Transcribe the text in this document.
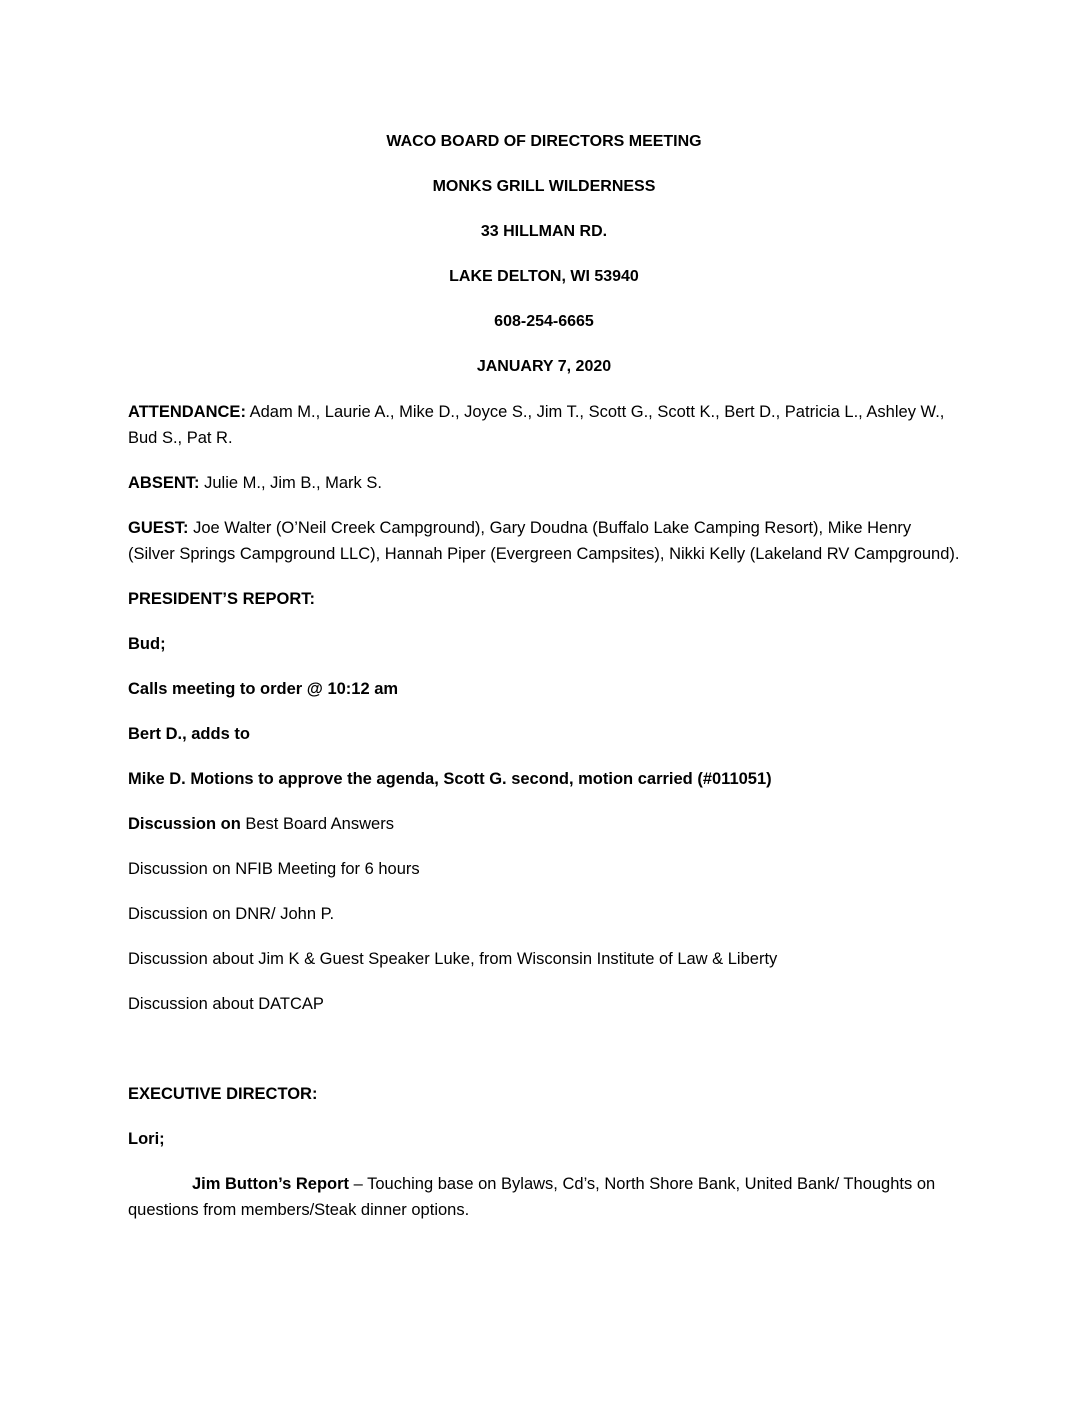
WACO BOARD OF DIRECTORS MEETING
MONKS GRILL WILDERNESS
33 HILLMAN RD.
LAKE DELTON, WI 53940
608-254-6665
JANUARY 7, 2020

ATTENDANCE: Adam M., Laurie A., Mike D., Joyce S., Jim T., Scott G., Scott K., Bert D., Patricia L., Ashley W., Bud S., Pat R.

ABSENT: Julie M., Jim B., Mark S.

GUEST: Joe Walter (O’Neil Creek Campground), Gary Doudna (Buffalo Lake Camping Resort), Mike Henry (Silver Springs Campground LLC), Hannah Piper (Evergreen Campsites), Nikki Kelly (Lakeland RV Campground).

PRESIDENT’S REPORT:

Bud;

Calls meeting to order @ 10:12 am

Bert D., adds to

Mike D. Motions to approve the agenda, Scott G. second, motion carried (#011051)

Discussion on Best Board Answers

Discussion on NFIB Meeting for 6 hours

Discussion on DNR/ John P.

Discussion about Jim K & Guest Speaker Luke, from Wisconsin Institute of Law & Liberty

Discussion about DATCAP

EXECUTIVE DIRECTOR:

Lori;

Jim Button’s Report – Touching base on Bylaws, Cd’s, North Shore Bank, United Bank/ Thoughts on questions from members/Steak dinner options.
